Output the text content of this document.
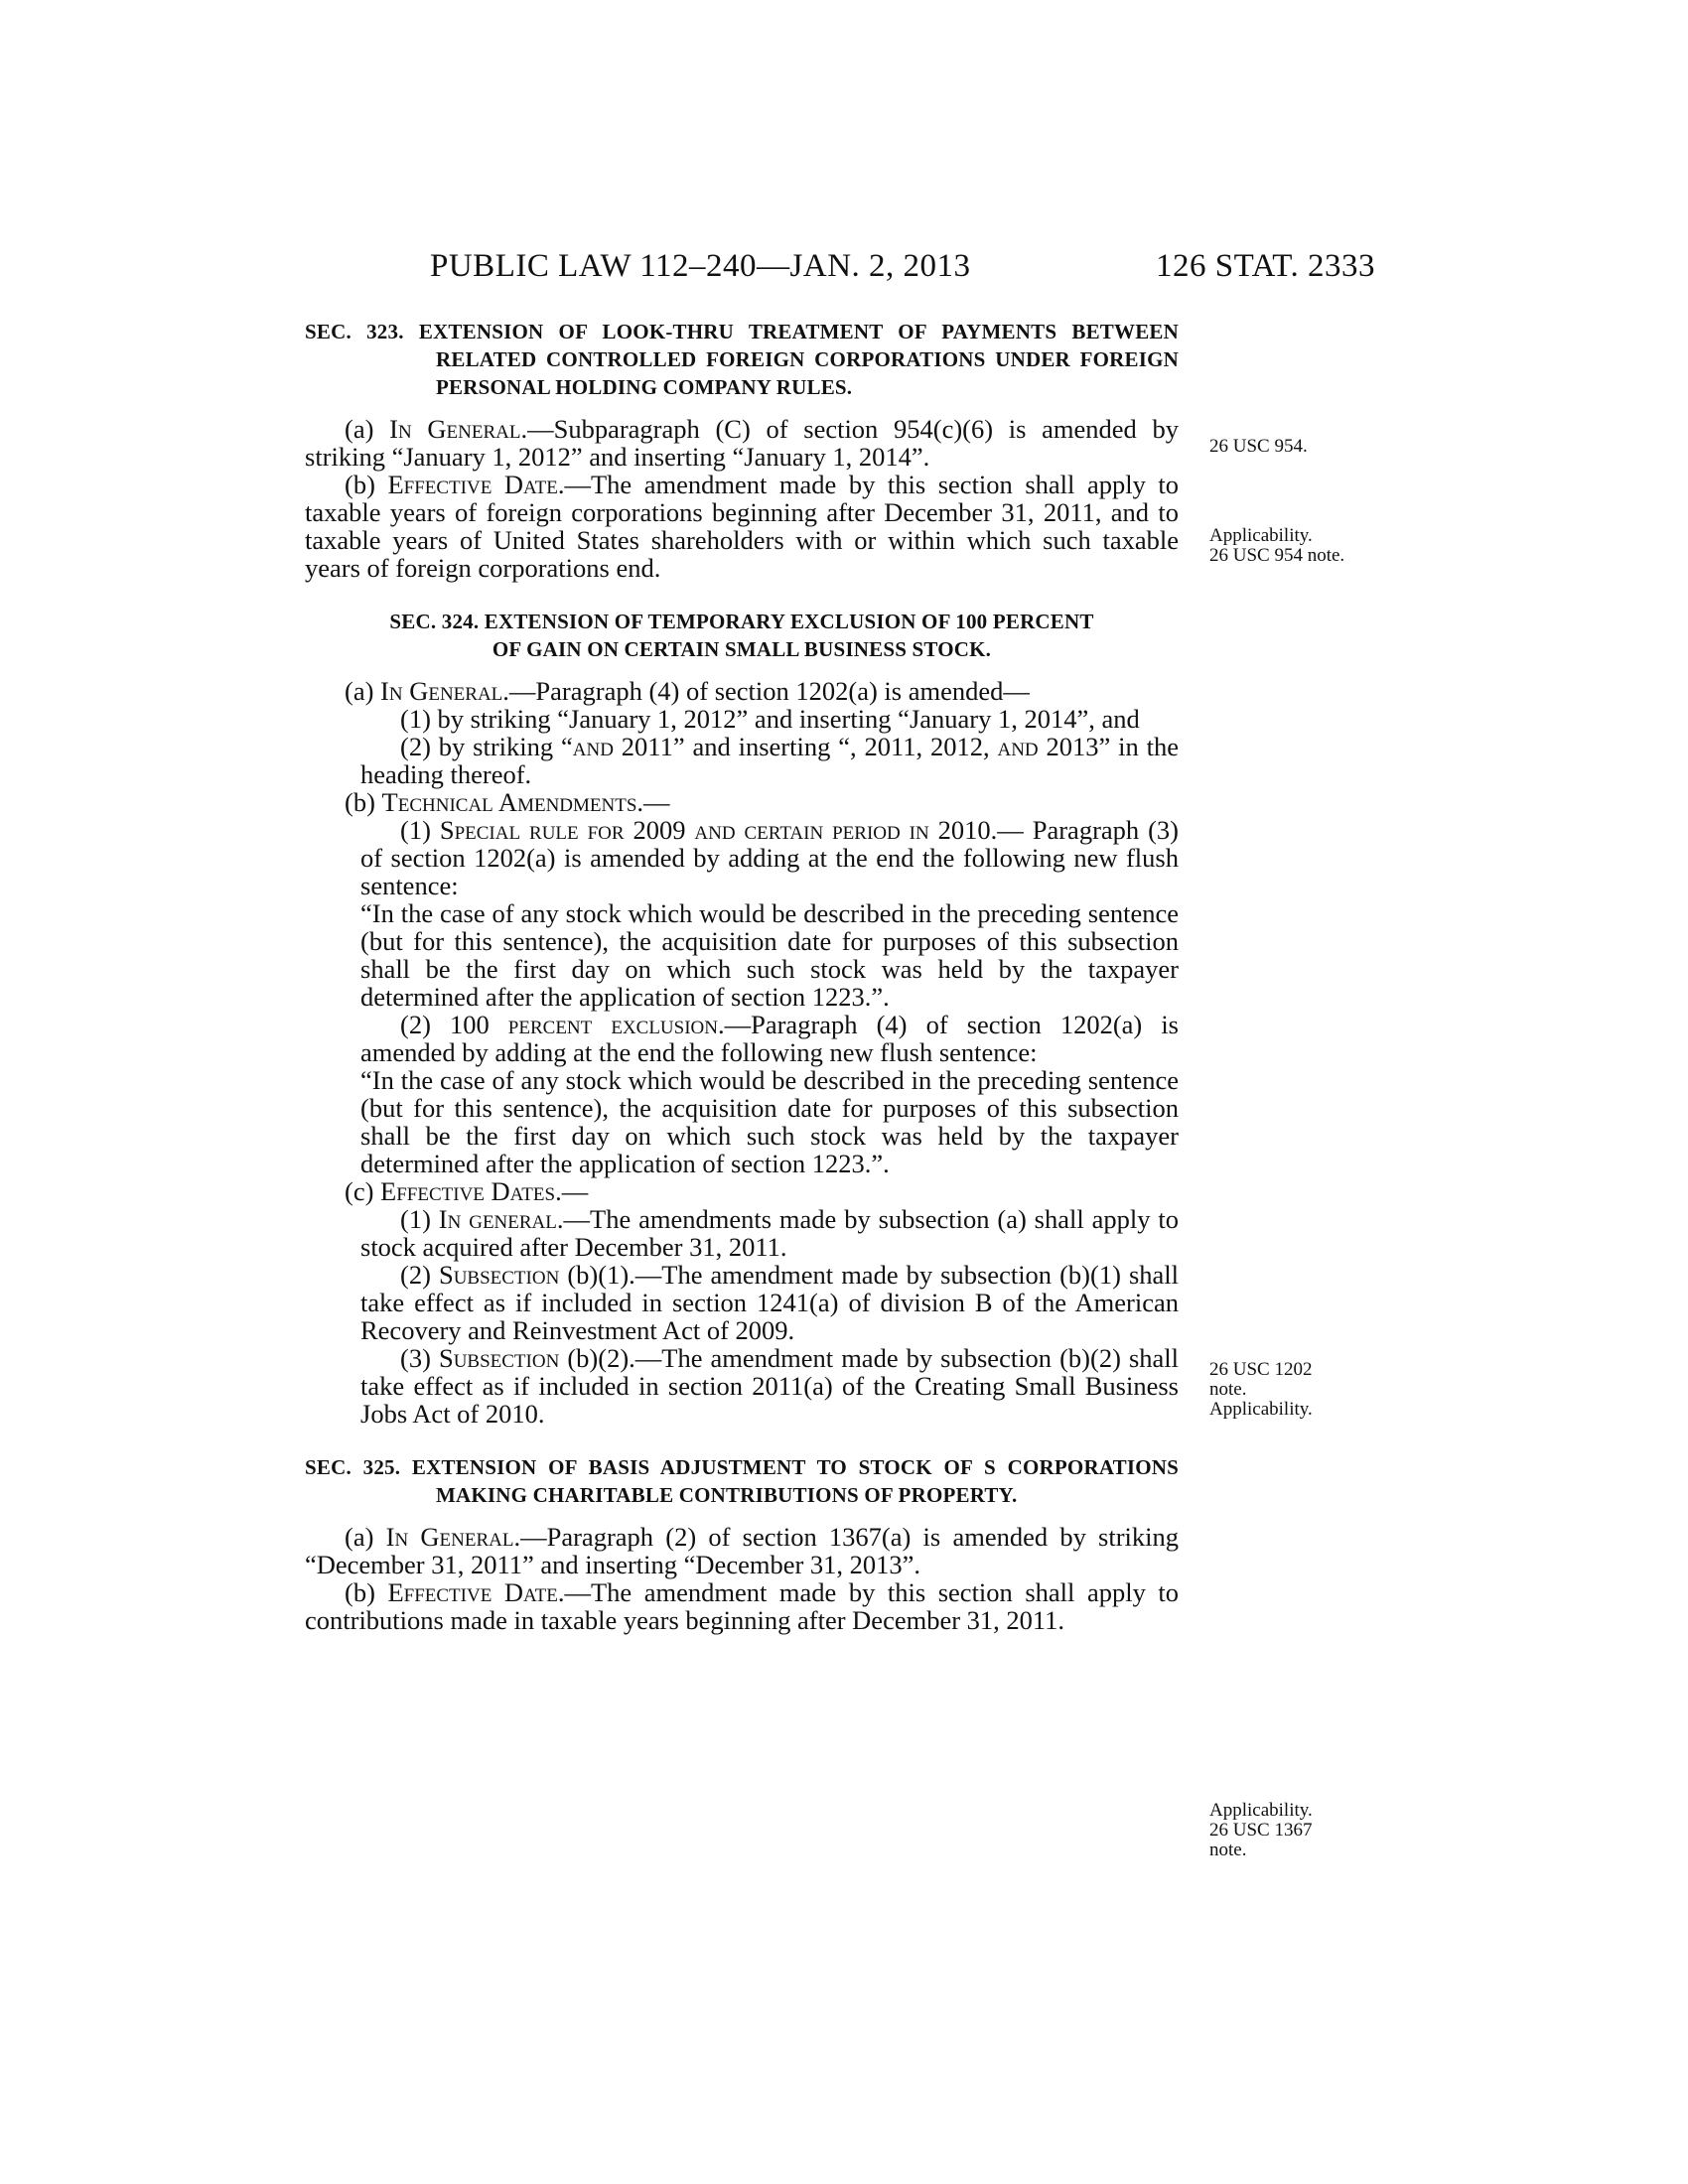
PUBLIC LAW 112–240—JAN. 2, 2013	126 STAT. 2333
SEC. 323. EXTENSION OF LOOK-THRU TREATMENT OF PAYMENTS BETWEEN RELATED CONTROLLED FOREIGN CORPORATIONS UNDER FOREIGN PERSONAL HOLDING COMPANY RULES.
(a) In General.—Subparagraph (C) of section 954(c)(6) is amended by striking “January 1, 2012” and inserting “January 1, 2014”.
(b) Effective Date.—The amendment made by this section shall apply to taxable years of foreign corporations beginning after December 31, 2011, and to taxable years of United States shareholders with or within which such taxable years of foreign corporations end.
SEC. 324. EXTENSION OF TEMPORARY EXCLUSION OF 100 PERCENT
OF GAIN ON CERTAIN SMALL BUSINESS STOCK.
(a) In General.—Paragraph (4) of section 1202(a) is amended—
(1) by striking “January 1, 2012” and inserting “January 1, 2014”, and
(2) by striking “and 2011” and inserting “, 2011, 2012, and 2013” in the heading thereof.
(b) Technical Amendments.—
(1) Special rule for 2009 and certain period in 2010.— Paragraph (3) of section 1202(a) is amended by adding at the end the following new flush sentence:
“In the case of any stock which would be described in the preceding sentence (but for this sentence), the acquisition date for purposes of this subsection shall be the first day on which such stock was held by the taxpayer determined after the application of section 1223.”.
(2) 100 percent exclusion.—Paragraph (4) of section 1202(a) is amended by adding at the end the following new flush sentence:
“In the case of any stock which would be described in the preceding sentence (but for this sentence), the acquisition date for purposes of this subsection shall be the first day on which such stock was held by the taxpayer determined after the application of section 1223.”.
(c) Effective Dates.—
(1) In general.—The amendments made by subsection (a) shall apply to stock acquired after December 31, 2011.
(2) Subsection (b)(1).—The amendment made by subsection (b)(1) shall take effect as if included in section 1241(a) of division B of the American Recovery and Reinvestment Act of 2009.
(3) Subsection (b)(2).—The amendment made by subsection (b)(2) shall take effect as if included in section 2011(a) of the Creating Small Business Jobs Act of 2010.
SEC. 325. EXTENSION OF BASIS ADJUSTMENT TO STOCK OF S CORPORATIONS MAKING CHARITABLE CONTRIBUTIONS OF PROPERTY.
(a) In General.—Paragraph (2) of section 1367(a) is amended by striking “December 31, 2011” and inserting “December 31, 2013”.
(b) Effective Date.—The amendment made by this section shall apply to contributions made in taxable years beginning after December 31, 2011.
26 USC 954.
Applicability.
26 USC 954 note.
26 USC 1202
note.
Applicability.
Applicability.
26 USC 1367
note.
